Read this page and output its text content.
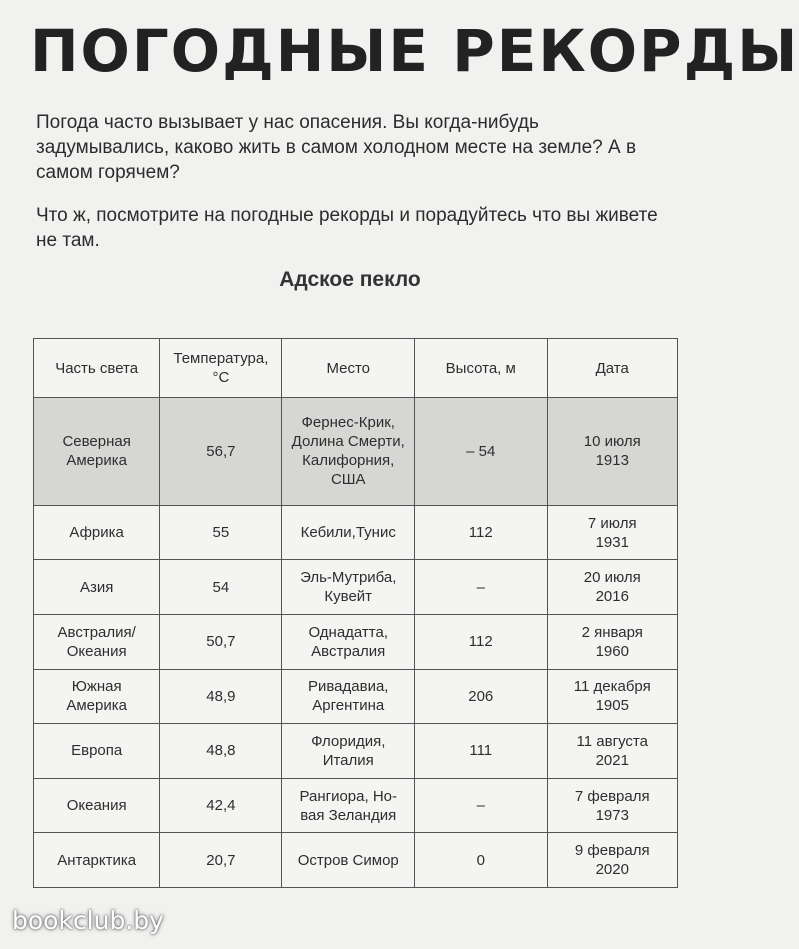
ПОГОДНЫЕ РЕКОРДЫ

Погода часто вызывает у нас опасения. Вы когда-нибудь задумывались, каково жить в самом холодном месте на земле? А в самом горячем?

Что ж, посмотрите на погодные рекорды и порадуйтесь что вы живете не там.

Адское пекло
Часть света	Температура,
°С	Место	Высота, м	Дата
Северная
Америка	56,7	Фернес-Крик,
Долина Смерти,
Калифорния,
США	– 54	10 июля
1913
Африка	55	Кебили,Тунис	112	7 июля
1931
Азия	54	Эль-Мутриба,
Кувейт	–	20 июля
2016
Австралия/
Океания	50,7	Однадатта,
Австралия	112	2 января
1960
Южная
Америка	48,9	Ривадавиа,
Аргентина	206	11 декабря
1905
Европа	48,8	Флоридия,
Италия	111	11 августа
2021
Океания	42,4	Рангиора, Но-
вая Зеландия	–	7 февраля
1973
Антарктика	20,7	Остров Симор	0	9 февраля
2020
bookclub.by
